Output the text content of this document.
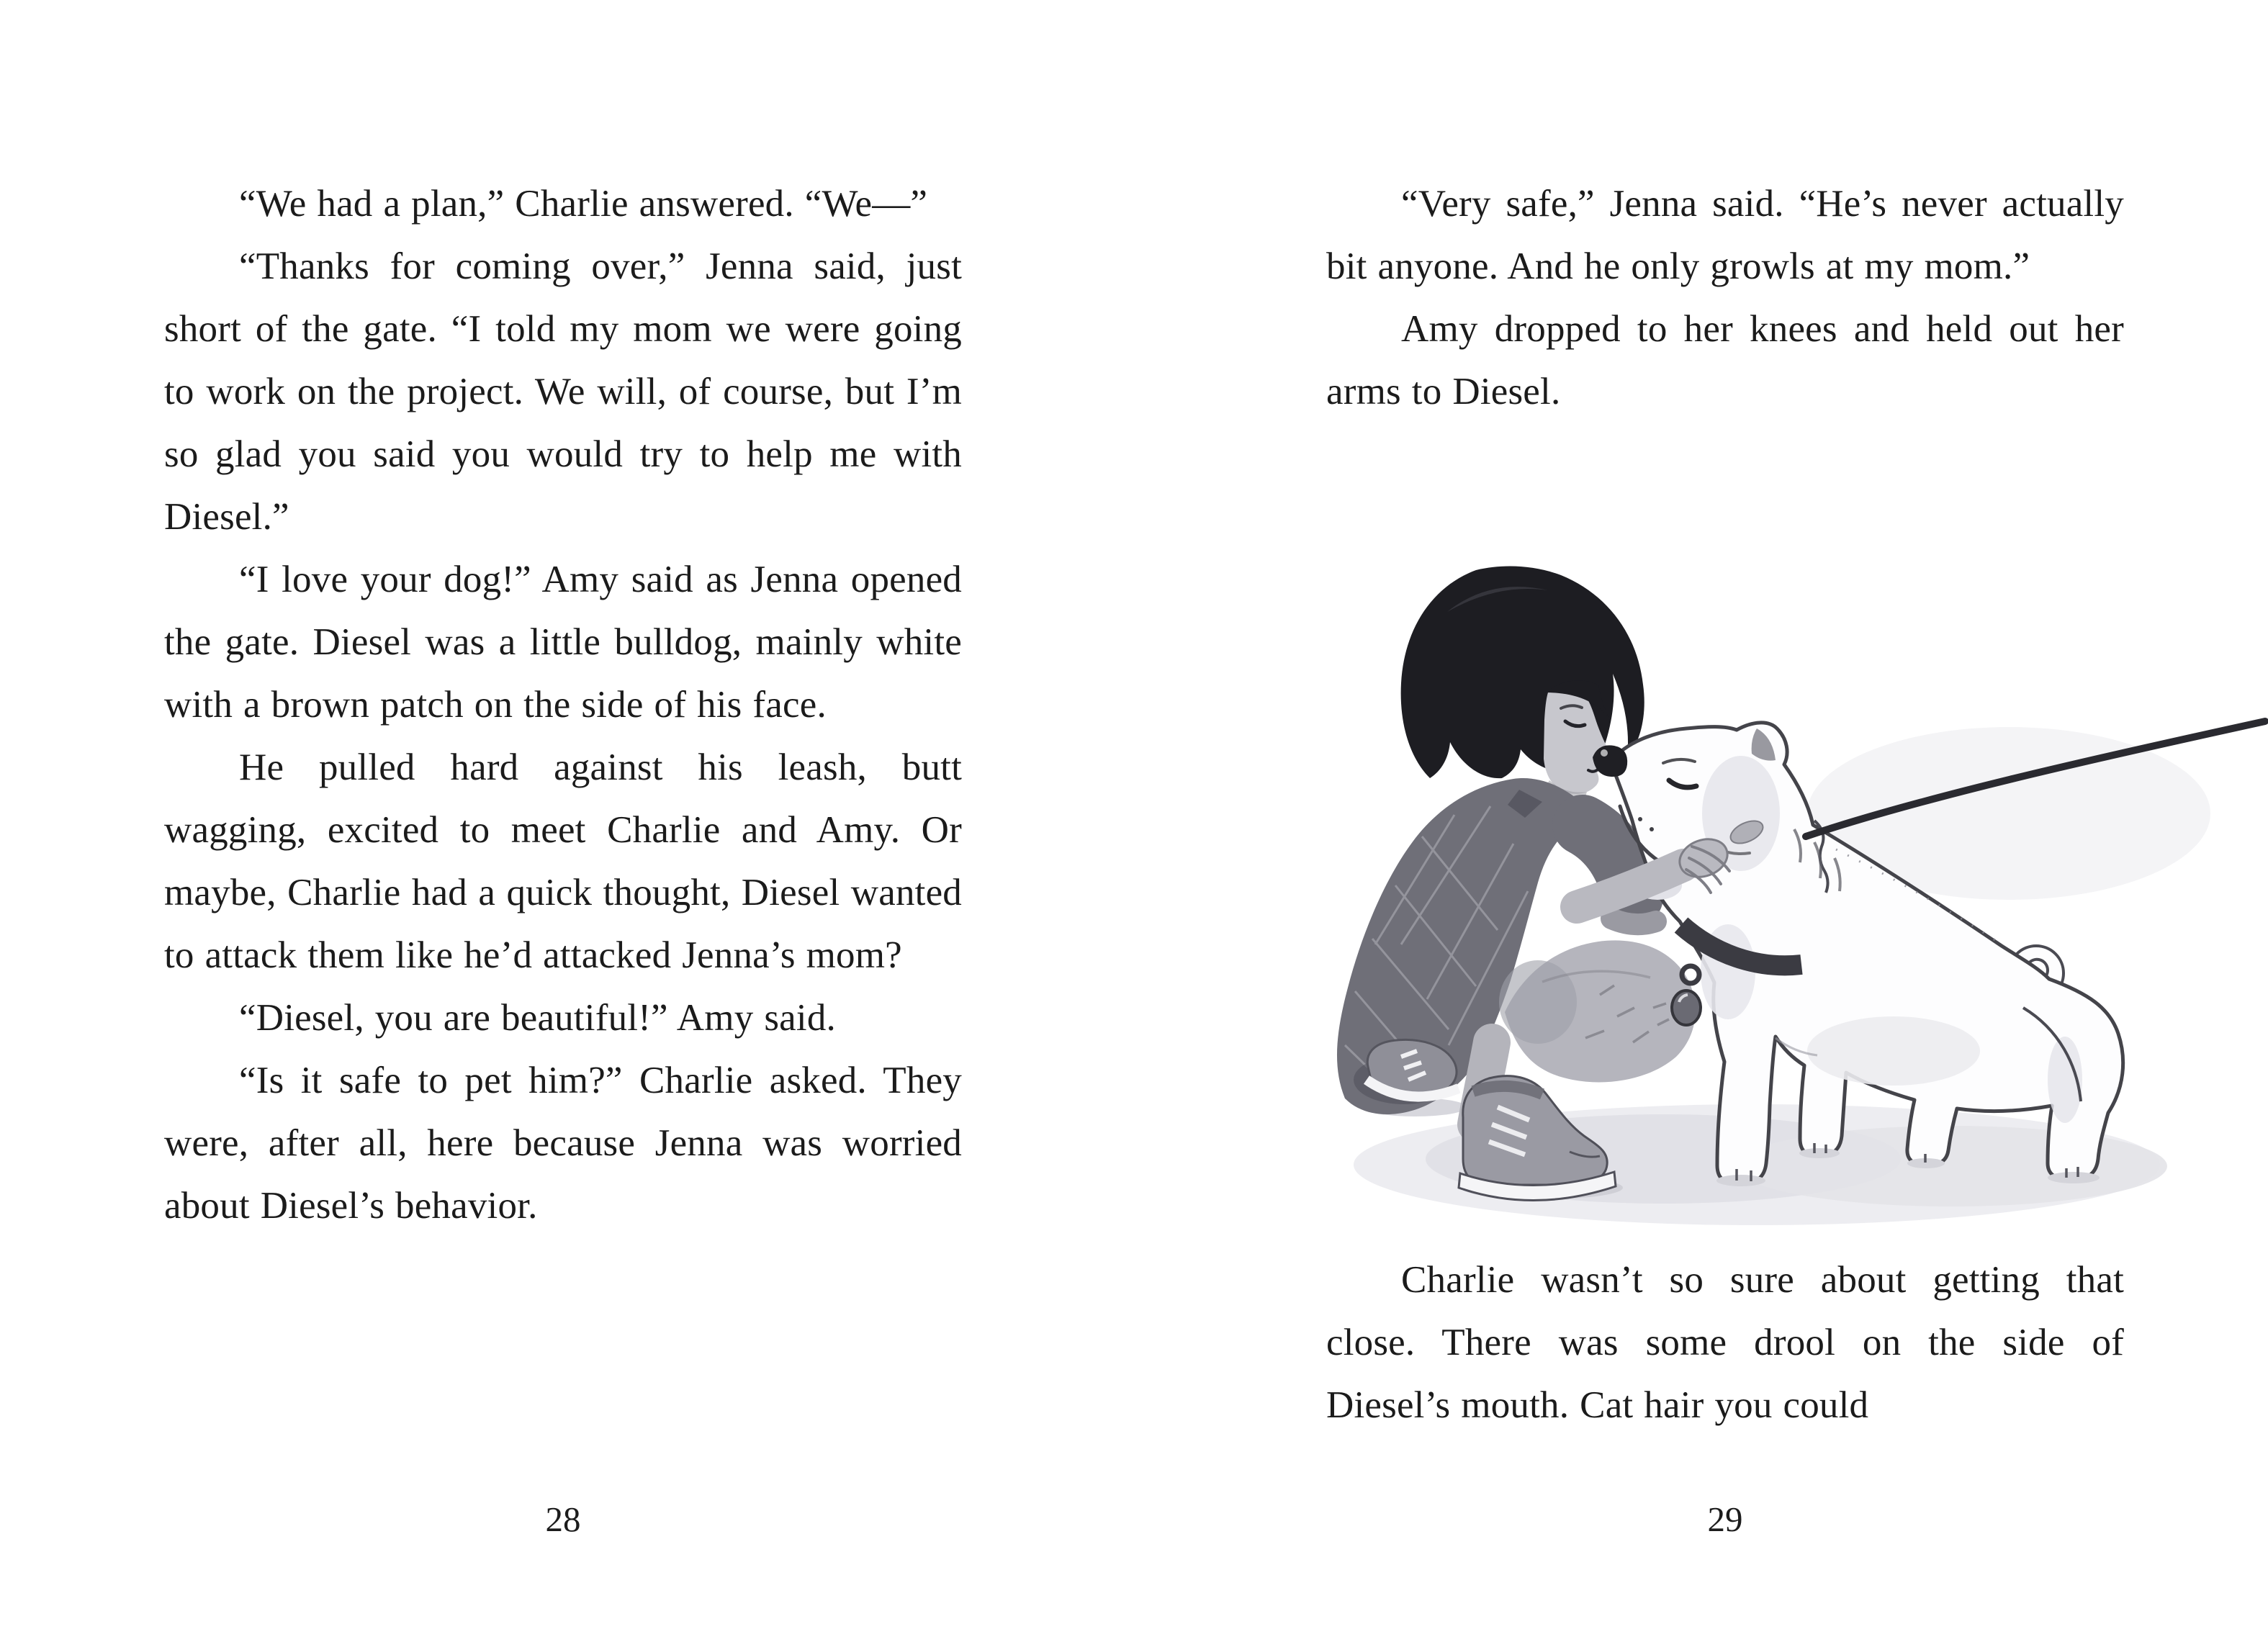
“We had a plan,” Charlie answered. “We—”

“Thanks for coming over,” Jenna said, just short of the gate. “I told my mom we were going to work on the project. We will, of course, but I’m so glad you said you would try to help me with Diesel.”

“I love your dog!” Amy said as Jenna opened the gate. Diesel was a little bulldog, mainly white with a brown patch on the side of his face.

He pulled hard against his leash, butt wagging, excited to meet Charlie and Amy. Or maybe, Charlie had a quick thought, Diesel wanted to attack them like he’d attacked Jenna’s mom?

“Diesel, you are beautiful!” Amy said.

“Is it safe to pet him?” Charlie asked. They were, after all, here because Jenna was worried about Diesel’s behavior.

“Very safe,” Jenna said. “He’s never actually bit anyone. And he only growls at my mom.”

Amy dropped to her knees and held out her arms to Diesel.

Charlie wasn’t so sure about getting that close. There was some drool on the side of Diesel’s mouth. Cat hair you could

28	29
